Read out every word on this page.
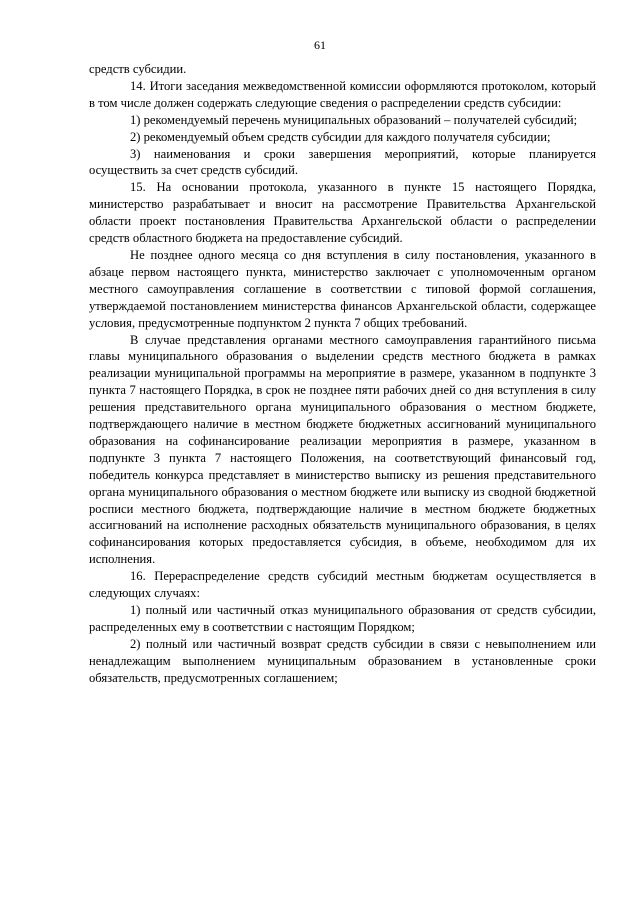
61

средств субсидии.

14. Итоги заседания межведомственной комиссии оформляются протоколом, который в том числе должен содержать следующие сведения о распределении средств субсидии:

1) рекомендуемый перечень муниципальных образований – получателей субсидий;

2) рекомендуемый объем средств субсидии для каждого получателя субсидии;

3) наименования и сроки завершения мероприятий, которые планируется осуществить за счет средств субсидий.

15. На основании протокола, указанного в пункте 15 настоящего Порядка, министерство разрабатывает и вносит на рассмотрение Правительства Архангельской области проект постановления Правительства Архангельской области о распределении средств областного бюджета на предоставление субсидий.

Не позднее одного месяца со дня вступления в силу постановления, указанного в абзаце первом настоящего пункта, министерство заключает с уполномоченным органом местного самоуправления соглашение в соответствии с типовой формой соглашения, утверждаемой постановлением министерства финансов Архангельской области, содержащее условия, предусмотренные подпунктом 2 пункта 7 общих требований.

В случае представления органами местного самоуправления гарантийного письма главы муниципального образования о выделении средств местного бюджета в рамках реализации муниципальной программы на мероприятие в размере, указанном в подпункте 3 пункта 7 настоящего Порядка, в срок не позднее пяти рабочих дней со дня вступления в силу решения представительного органа муниципального образования о местном бюджете, подтверждающего наличие в местном бюджете бюджетных ассигнований муниципального образования на софинансирование реализации мероприятия в размере, указанном в подпункте 3 пункта 7 настоящего Положения, на соответствующий финансовый год, победитель конкурса представляет в министерство выписку из решения представительного органа муниципального образования о местном бюджете или выписку из сводной бюджетной росписи местного бюджета, подтверждающие наличие в местном бюджете бюджетных ассигнований на исполнение расходных обязательств муниципального образования, в целях софинансирования которых предоставляется субсидия, в объеме, необходимом для их исполнения.

16. Перераспределение средств субсидий местным бюджетам осуществляется в следующих случаях:

1) полный или частичный отказ муниципального образования от средств субсидии, распределенных ему в соответствии с настоящим Порядком;

2) полный или частичный возврат средств субсидии в связи с невыполнением или ненадлежащим выполнением муниципальным образованием в установленные сроки обязательств, предусмотренных соглашением;
